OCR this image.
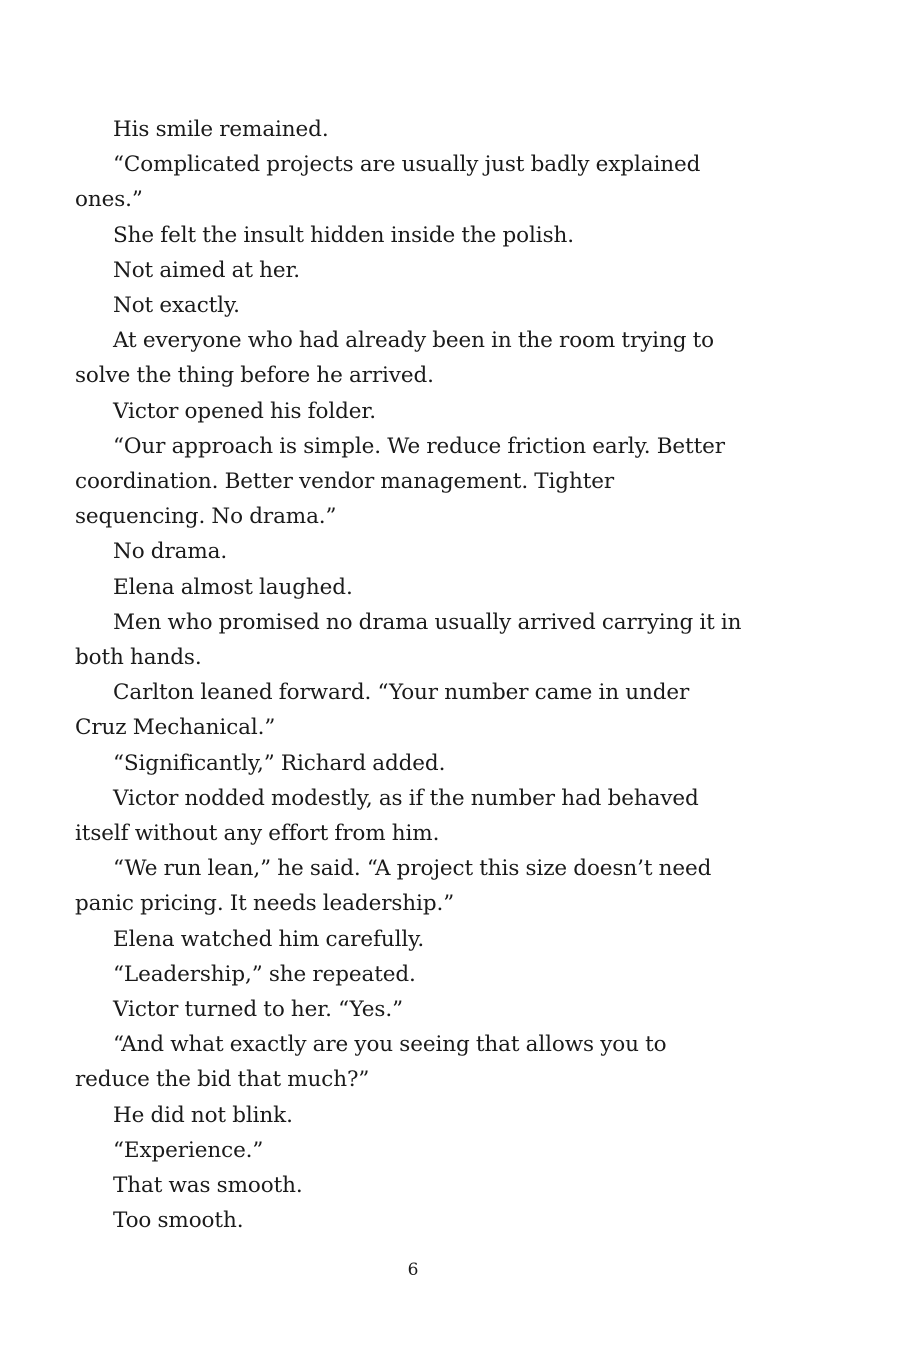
His smile remained.

“Complicated projects are usually just badly explained ones.”

She felt the insult hidden inside the polish.

Not aimed at her.

Not exactly.

At everyone who had already been in the room trying to solve the thing before he arrived.

Victor opened his folder.

“Our approach is simple. We reduce friction early. Better coordination. Better vendor management. Tighter sequencing. No drama.”

No drama.

Elena almost laughed.

Men who promised no drama usually arrived carrying it in both hands.

Carlton leaned forward. “Your number came in under Cruz Mechanical.”

“Significantly,” Richard added.

Victor nodded modestly, as if the number had behaved itself without any effort from him.

“We run lean,” he said. “A project this size doesn’t need panic pricing. It needs leadership.”

Elena watched him carefully.

“Leadership,” she repeated.

Victor turned to her. “Yes.”

“And what exactly are you seeing that allows you to reduce the bid that much?”

He did not blink.

“Experience.”

That was smooth.

Too smooth.

6
